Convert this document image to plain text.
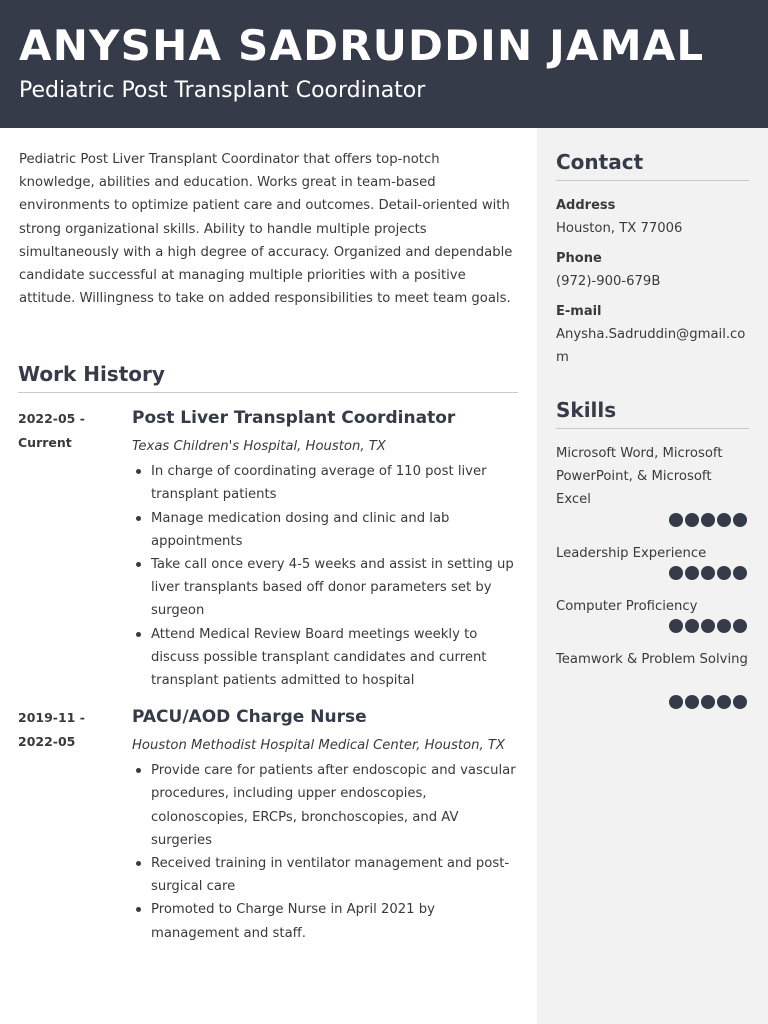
ANYSHA SADRUDDIN JAMAL
Pediatric Post Transplant Coordinator

Pediatric Post Liver Transplant Coordinator that offers top-notch knowledge, abilities and education. Works great in team-based environments to optimize patient care and outcomes. Detail-oriented with strong organizational skills. Ability to handle multiple projects simultaneously with a high degree of accuracy. Organized and dependable candidate successful at managing multiple priorities with a positive attitude. Willingness to take on added responsibilities to meet team goals.

Work History
2022-05 -
Current
Post Liver Transplant Coordinator
Texas Children's Hospital, Houston, TX
In charge of coordinating average of 110 post liver transplant patients
Manage medication dosing and clinic and lab appointments
Take call once every 4-5 weeks and assist in setting up liver transplants based off donor parameters set by surgeon
Attend Medical Review Board meetings weekly to discuss possible transplant candidates and current transplant patients admitted to hospital
2019-11 -
2022-05
PACU/AOD Charge Nurse
Houston Methodist Hospital Medical Center, Houston, TX
Provide care for patients after endoscopic and vascular procedures, including upper endoscopies, colonoscopies, ERCPs, bronchoscopies, and AV surgeries
Received training in ventilator management and post-surgical care
Promoted to Charge Nurse in April 2021 by management and staff.
Contact
Address
Houston, TX 77006
Phone
(972)-900-679B
E-mail
Anysha.Sadruddin@gmail.com
Skills
Microsoft Word, Microsoft PowerPoint, & Microsoft Excel
Leadership Experience
Computer Proficiency
Teamwork & Problem Solving
